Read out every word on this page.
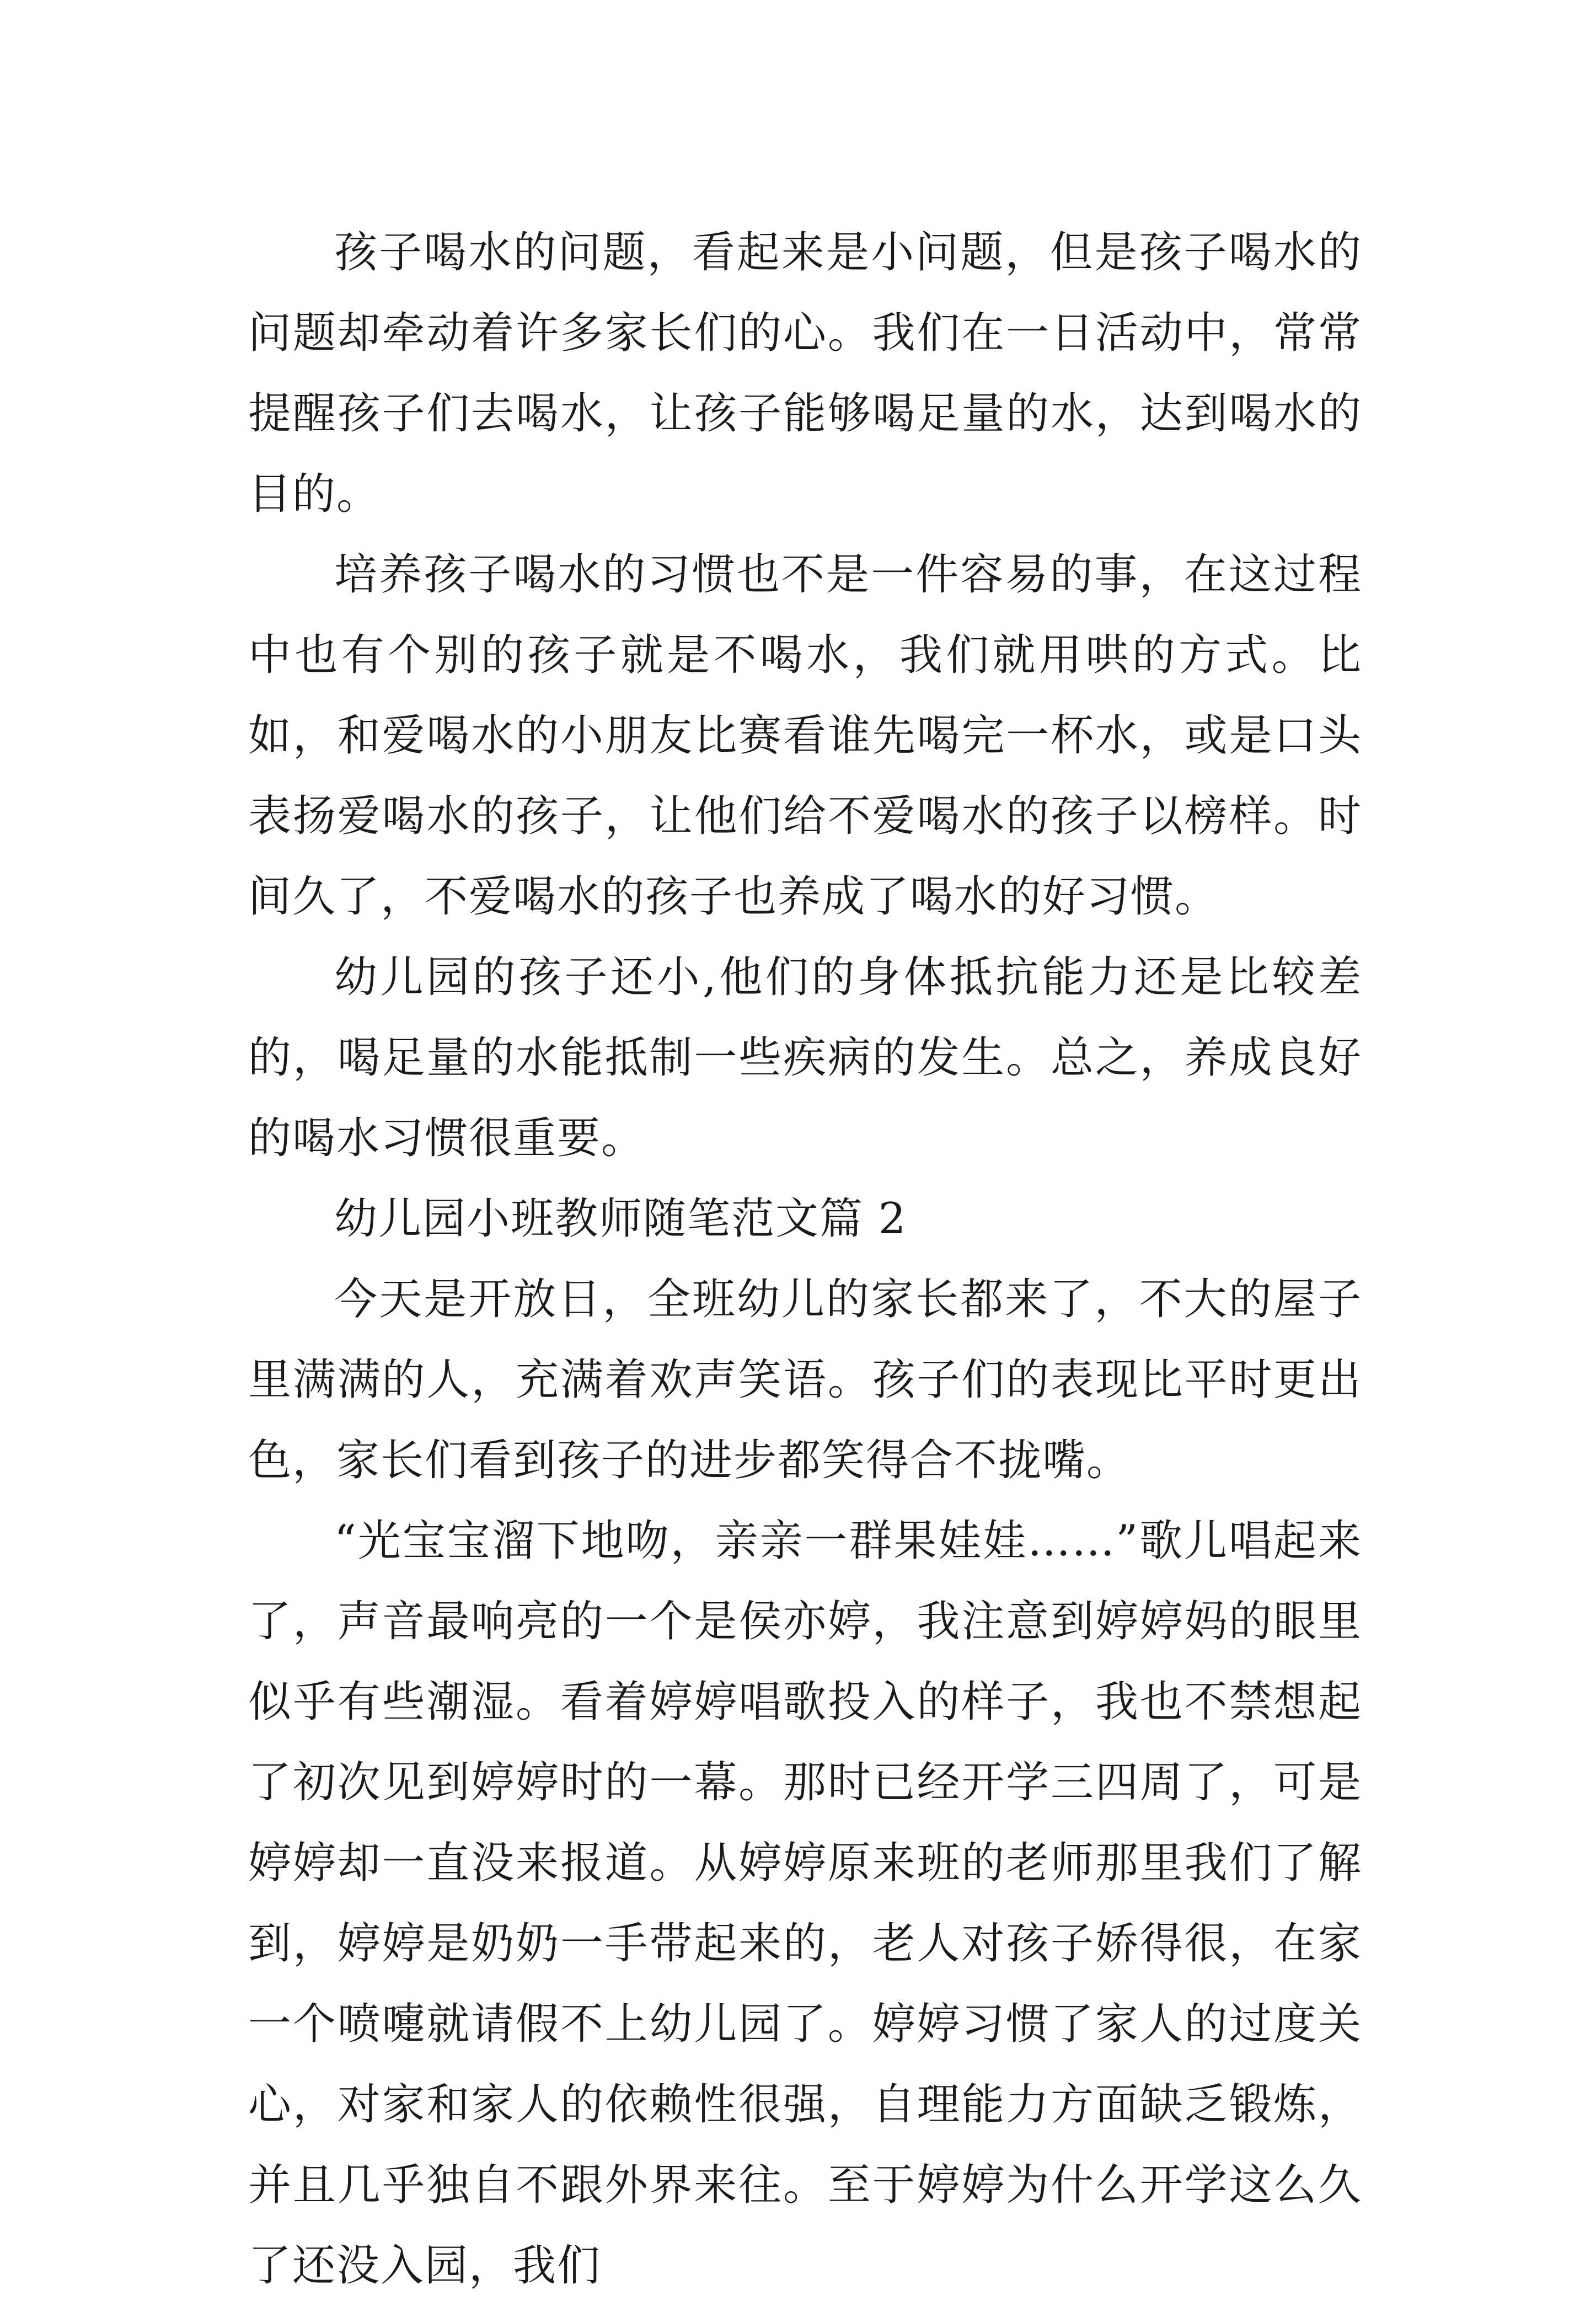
孩子喝水的问题，看起来是小问题，但是孩子喝水的问题却牵动着许多家长们的心。我们在一日活动中，常常提醒孩子们去喝水，让孩子能够喝足量的水，达到喝水的目的。

培养孩子喝水的习惯也不是一件容易的事，在这过程中也有个别的孩子就是不喝水，我们就用哄的方式。比如，和爱喝水的小朋友比赛看谁先喝完一杯水，或是口头表扬爱喝水的孩子，让他们给不爱喝水的孩子以榜样。时间久了，不爱喝水的孩子也养成了喝水的好习惯。

幼儿园的孩子还小,他们的身体抵抗能力还是比较差的，喝足量的水能抵制一些疾病的发生。总之，养成良好的喝水习惯很重要。

幼儿园小班教师随笔范文篇 2

今天是开放日，全班幼儿的家长都来了，不大的屋子里满满的人，充满着欢声笑语。孩子们的表现比平时更出色，家长们看到孩子的进步都笑得合不拢嘴。

“光宝宝溜下地吻，亲亲一群果娃娃……”歌儿唱起来了，声音最响亮的一个是侯亦婷，我注意到婷婷妈的眼里似乎有些潮湿。看着婷婷唱歌投入的样子，我也不禁想起了初次见到婷婷时的一幕。那时已经开学三四周了，可是婷婷却一直没来报道。从婷婷原来班的老师那里我们了解到，婷婷是奶奶一手带起来的，老人对孩子娇得很，在家一个喷嚏就请假不上幼儿园了。婷婷习惯了家人的过度关心，对家和家人的依赖性很强，自理能力方面缺乏锻炼，并且几乎独自不跟外界来往。至于婷婷为什么开学这么久了还没入园，我们
